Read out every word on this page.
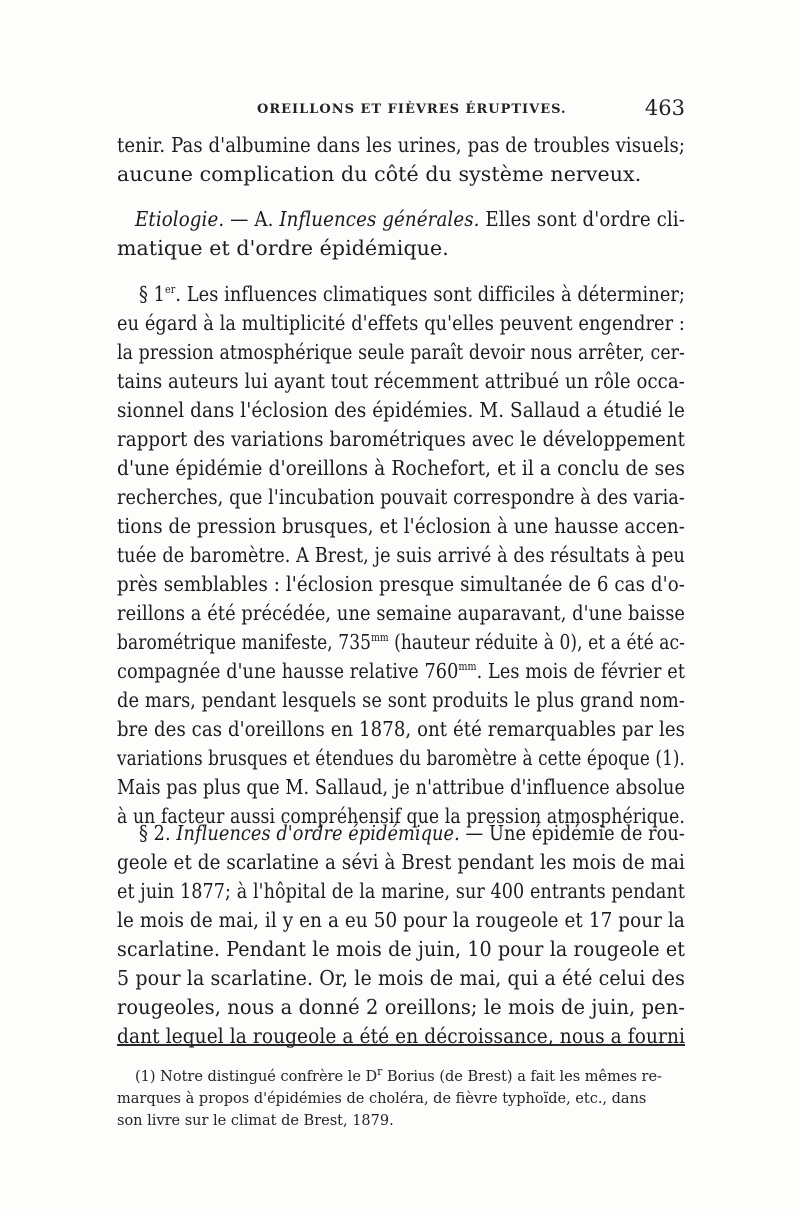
OREILLONS ET FIÈVRES ÉRUPTIVES.	463
tenir. Pas d'albumine dans les urines, pas de troubles visuels;
aucune complication du côté du système nerveux.
Etiologie. — A. Influences générales. Elles sont d'ordre cli-
matique et d'ordre épidémique.
§ 1er. Les influences climatiques sont difficiles à déterminer;
eu égard à la multiplicité d'effets qu'elles peuvent engendrer :
la pression atmosphérique seule paraît devoir nous arrêter, cer-
tains auteurs lui ayant tout récemment attribué un rôle occa-
sionnel dans l'éclosion des épidémies. M. Sallaud a étudié le
rapport des variations barométriques avec le développement
d'une épidémie d'oreillons à Rochefort, et il a conclu de ses
recherches, que l'incubation pouvait correspondre à des varia-
tions de pression brusques, et l'éclosion à une hausse accen-
tuée de baromètre. A Brest, je suis arrivé à des résultats à peu
près semblables : l'éclosion presque simultanée de 6 cas d'o-
reillons a été précédée, une semaine auparavant, d'une baisse
barométrique manifeste, $735^{mm}$ (hauteur réduite à 0), et a été ac-
compagnée d'une hausse relative $760^{mm}$. Les mois de février et
de mars, pendant lesquels se sont produits le plus grand nom-
bre des cas d'oreillons en 1878, ont été remarquables par les
variations brusques et étendues du baromètre à cette époque (1).
Mais pas plus que M. Sallaud, je n'attribue d'influence absolue
à un facteur aussi compréhensif que la pression atmosphérique.
§ 2. Influences d'ordre épidémique. — Une épidémie de rou-
geole et de scarlatine a sévi à Brest pendant les mois de mai
et juin 1877; à l'hôpital de la marine, sur 400 entrants pendant
le mois de mai, il y en a eu 50 pour la rougeole et 17 pour la
scarlatine. Pendant le mois de juin, 10 pour la rougeole et
5 pour la scarlatine. Or, le mois de mai, qui a été celui des
rougeoles, nous a donné 2 oreillons; le mois de juin, pen-
dant lequel la rougeole a été en décroissance, nous a fourni
(1) Notre distingué confrère le $D^r$ Borius (de Brest) a fait les mêmes re-
marques à propos d'épidémies de choléra, de fièvre typhoïde, etc., dans
son livre sur le climat de Brest, 1879.
